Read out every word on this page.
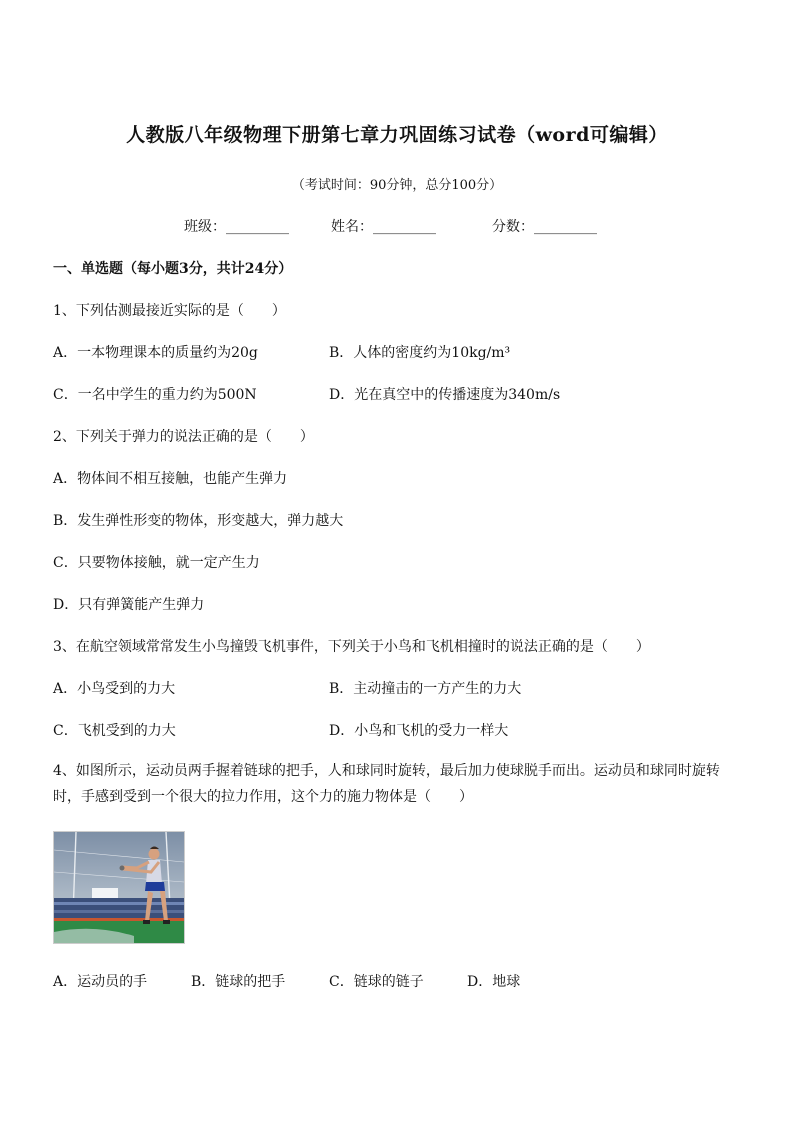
人教版八年级物理下册第七章力巩固练习试卷（word可编辑）
（考试时间：90分钟，总分100分）
班级：_________	姓名：_________	分数：_________
一、单选题（每小题3分，共计24分）
1、下列估测最接近实际的是（　　）
A．一本物理课本的质量约为20g	B．人体的密度约为10kg/m³
C．一名中学生的重力约为500N	D．光在真空中的传播速度为340m/s
2、下列关于弹力的说法正确的是（　　）
A．物体间不相互接触，也能产生弹力
B．发生弹性形变的物体，形变越大，弹力越大
C．只要物体接触，就一定产生力
D．只有弹簧能产生弹力
3、在航空领域常常发生小鸟撞毁飞机事件，下列关于小鸟和飞机相撞时的说法正确的是（　　）
A．小鸟受到的力大	B．主动撞击的一方产生的力大
C．飞机受到的力大	D．小鸟和飞机的受力一样大
4、如图所示，运动员两手握着链球的把手，人和球同时旋转，最后加力使球脱手而出。运动员和球同时旋转时，手感到受到一个很大的拉力作用，这个力的施力物体是（　　）
A．运动员的手	B．链球的把手	C．链球的链子	D．地球
